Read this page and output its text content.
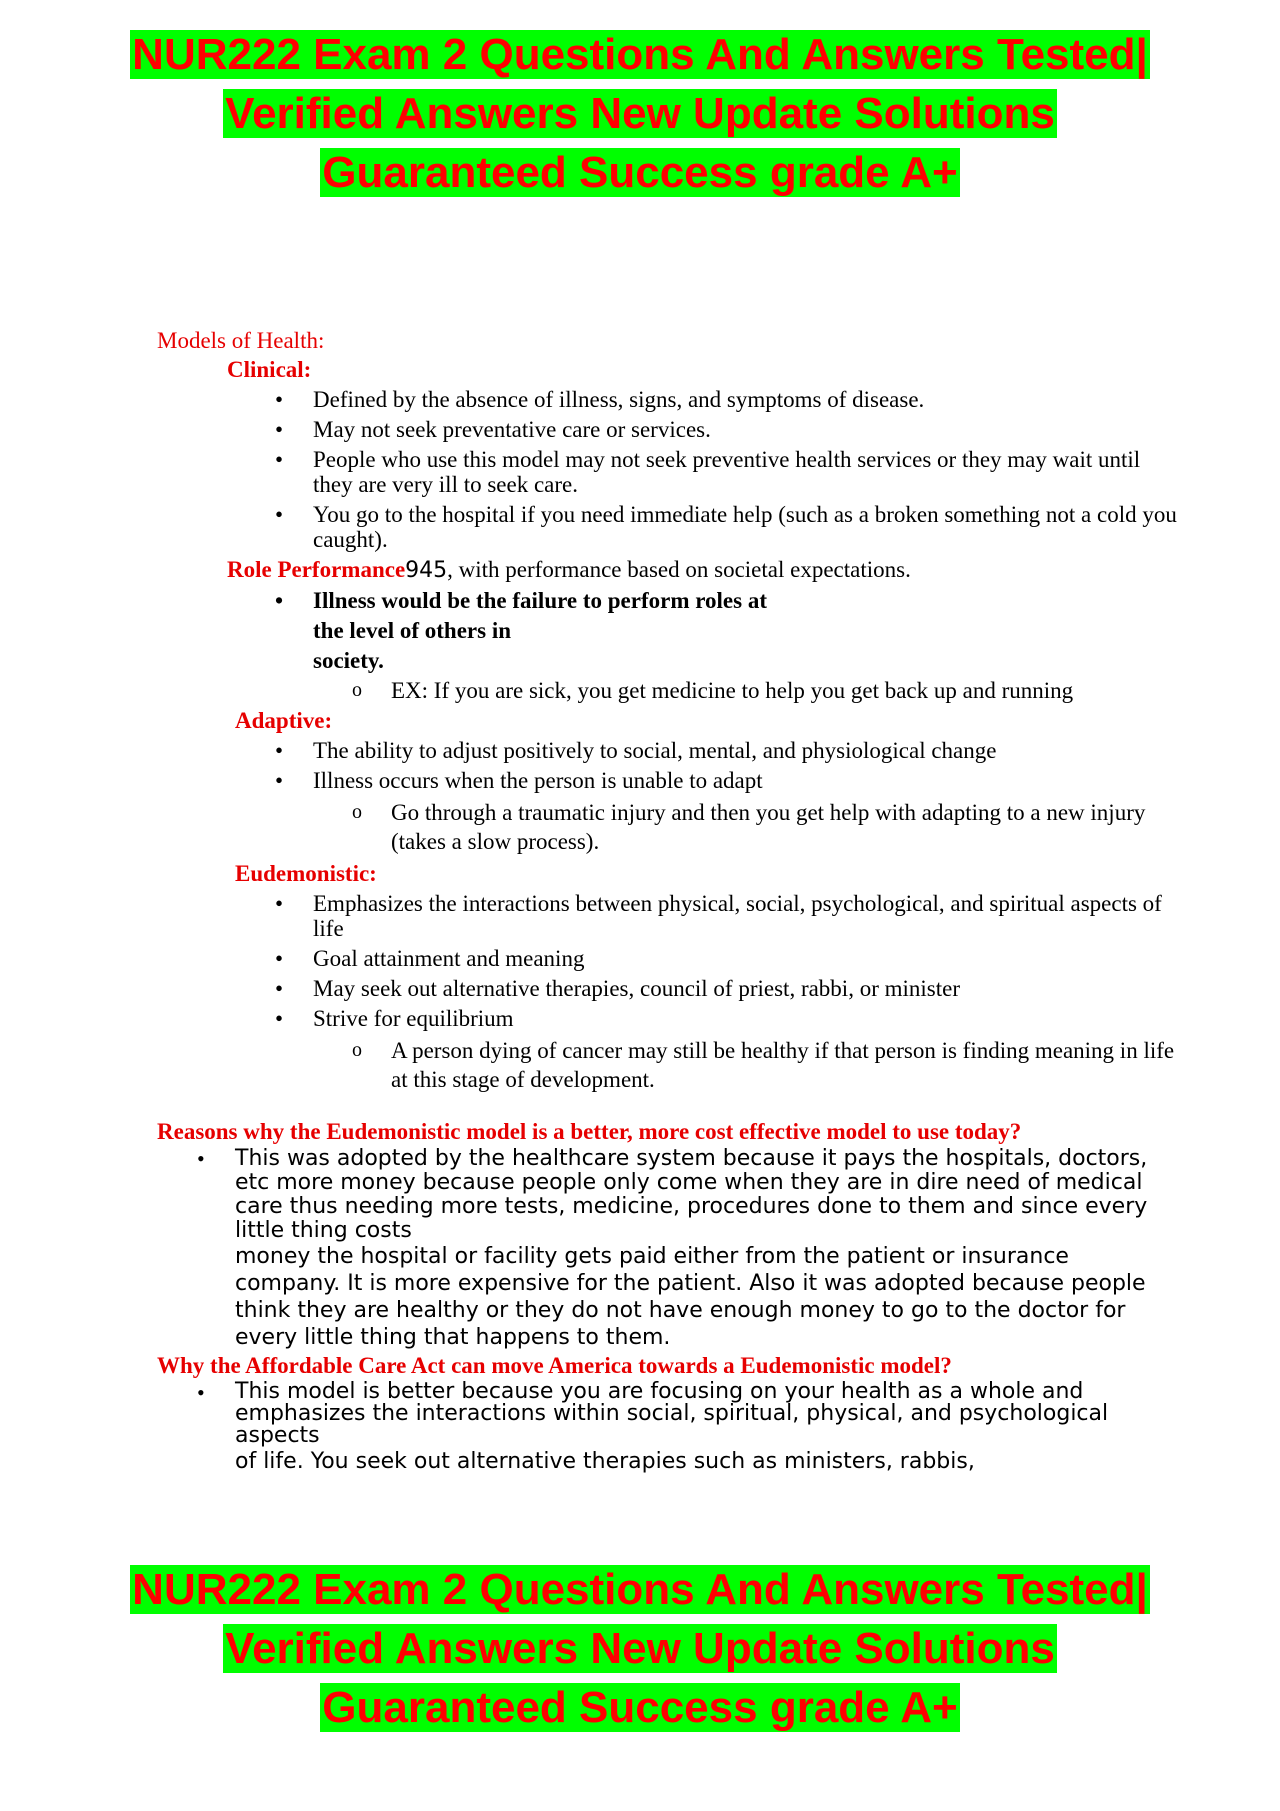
NUR222 Exam 2 Questions And Answers Tested|
Verified Answers New Update Solutions
Guaranteed Success grade A+
Models of Health:
Clinical:
• Defined by the absence of illness, signs, and symptoms of disease.
• May not seek preventative care or services.
• People who use this model may not seek preventive health services or they may wait until they are very ill to seek care.
• You go to the hospital if you need immediate help (such as a broken something not a cold you caught).
Role Performance945, with performance based on societal expectations.
• Illness would be the failure to perform roles at
the level of others in
society.
o EX: If you are sick, you get medicine to help you get back up and running
Adaptive:
• The ability to adjust positively to social, mental, and physiological change
• Illness occurs when the person is unable to adapt
o Go through a traumatic injury and then you get help with adapting to a new injury (takes a slow process).
Eudemonistic:
• Emphasizes the interactions between physical, social, psychological, and spiritual aspects of life
• Goal attainment and meaning
• May seek out alternative therapies, council of priest, rabbi, or minister
• Strive for equilibrium
o A person dying of cancer may still be healthy if that person is finding meaning in life at this stage of development.
Reasons why the Eudemonistic model is a better, more cost effective model to use today?
• This was adopted by the healthcare system because it pays the hospitals, doctors, etc more money because people only come when they are in dire need of medical care thus needing more tests, medicine, procedures done to them and since every little thing costs
money the hospital or facility gets paid either from the patient or insurance company. It is more expensive for the patient. Also it was adopted because people think they are healthy or they do not have enough money to go to the doctor for every little thing that happens to them.
Why the Affordable Care Act can move America towards a Eudemonistic model?
• This model is better because you are focusing on your health as a whole and emphasizes the interactions within social, spiritual, physical, and psychological aspects
of life. You seek out alternative therapies such as ministers, rabbis,
NUR222 Exam 2 Questions And Answers Tested|
Verified Answers New Update Solutions
Guaranteed Success grade A+
